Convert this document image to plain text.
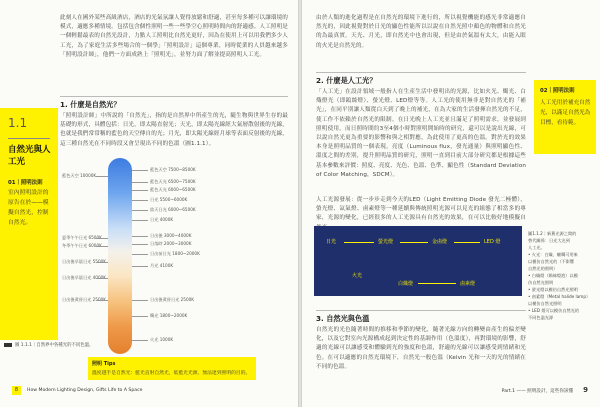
此刻人在國外某些高級酒店，酒店的光氣氛讓人覺得放鬆和舒適，甚至每多種可以讓環境的模式，適應多種情境。包括包含個性照明一些一些學空心照明時間內的舒適感。人工照明是一個輕鬆最表的自然光設計，力點人工照明比自然光更好，因為在使用上可以用我們多少人工光，為了家庭生活多些場合的一個學」「照明設計」這個專業，同時從業的人員越來越多「照明設計師」，他們一方面成熟上「照明光」，並努力面了解並提高照明人工光。

1. 什麼是自然光？

「照明設計師」中所說的「自然光」，指的是自然界中所產生的光，隨生物與世界生存的最基礎的形式，具體包括：日光，即太陽直射光；天光，即太陽光線經大氣層散射後的光線，也就是我們常常稱的藍色的天空傳自的光；月光，即太陽光線經月球等表面反射後的光線，這三種自然光在不同時段又會呈現出不同的色溫（圖1.1.1）。

1.1
自然光與人工光
01｜照明法則
室內照明設計的原告在於——模擬自然光，控制自然光。
藍色天空 10000K
夏季午午日光 6500K
冬季午午日光 6000K
日出後早晨日光 5500K
日出後早晨日光 4000K
日出後黃昏日光 2500K
藍色天空 7500~8500K
藍色天光 6500~7500K
藍色天光 6000~6500K
日光 5500~6000K
陰天日光 6000~6500K
日光 4000K
日出後 3000~4000K
日落時 2000~3000K
日出前日光 1800~2000K
月光 4100K
日出後黃昏日光 2500K
燭光 1800~2000K
火光 1000K
圖 1.1.1｜自然界中各種光的不同色溫。
照明 Tips
溫度越手是自然光：藍光直射自然光，低藍光光源，無法達到照明的目的。
8 How Modern Lighting Design, Gifts Life to A Space

由於人類的進化過程是在自然光的環境下進行的，所以視覺機能的感光非常適應自然光的，因此視覺對於日光的顯色性能所以以說在自然光照中顏色的物體和自然光的為最真實。天光、月光，即自然光中也會出現，但是由於氣溫有太大，由能入眼的火光是自然光的。

2. 什麼是人工光？

「人工光」在設計領域一般指人在生產生活中發明出的光源，比如火光、燭光、白熾燈光（即鎢絲燈）、螢光燈、LED燈等等。人工光的使用無非是對自然光的「補光」，在同平別讓人類從白天到了晚上的補光，在為大家的生活發揮自然光的不足，使工作不依賴於自然光的限制。在日光晚上人工光並且滿足了照明需求，並發展到照明使用，而日照時間約3至4個小時對照明開始時的研究，還可以是說出光線，可以說自然光更為重要的影響和與之相對應，為此使用了更高的色溫。對於光的效果本身是照明品質的一個表現，亮度（Luminous flux，發光通量）與照明顯色性、溫度之間的差別，提升照明品質的研究，照明一直到目前大部分研究都是根據這些基本參數來評價：照度、亮度、光色、色溫、色準、顯色性（Standard Deviation of Color Matching，SDCM）。

人工光源發展：從一步步走到今天的LED（Light Emitting Diode 發光二極體），螢光燈、氙氣燈、鹵素燈等一種延續與傳統照明光源可以見光的組態了相當多的專家，光源的變化，已經很多的人工光源具有自然光的效果，在可以比較好地模擬自

02｜照明法則
人工光用於補充自然光，以滿足自然光為目標，看待範。
日光	螢光燈	金鹵燈	LED 燈
火光
白熾燈	鹵素燈
圖1.1.2｜新舊光源之間的
替代關係：日光大光到
人工光。
• 火光：白熾、蠟燭可用來
以模仿自然光的（不影響
自然光的照明）
• 白熾燈（鎢絲燈泡）以模
仿自然光照明
• 螢光燈以模仿自然光照明
• 鹵素燈（Metal halide lamp）
以模仿自然光照明
• LED 燈可以模仿自然光的
不同色溫光源

3. 自然光與色溫

自然光的光色隨著時間的推移和季節的變化，隨著光線方向的轉變由產生的偏差變化，以及它對室內光源構成起到決定性的基調作用（色溫度），再對環境的影響，舒適的光線可以讓感受和體驗到光的強度和色溫，舒適的光線可以讓感受到情緒和光色。在可以適應的自然光環境下，自然光一般色溫（Kelvin 光和一天的光的情緒在不同的色溫。

Part.1 —— 照明設計，這些你該懂 9
